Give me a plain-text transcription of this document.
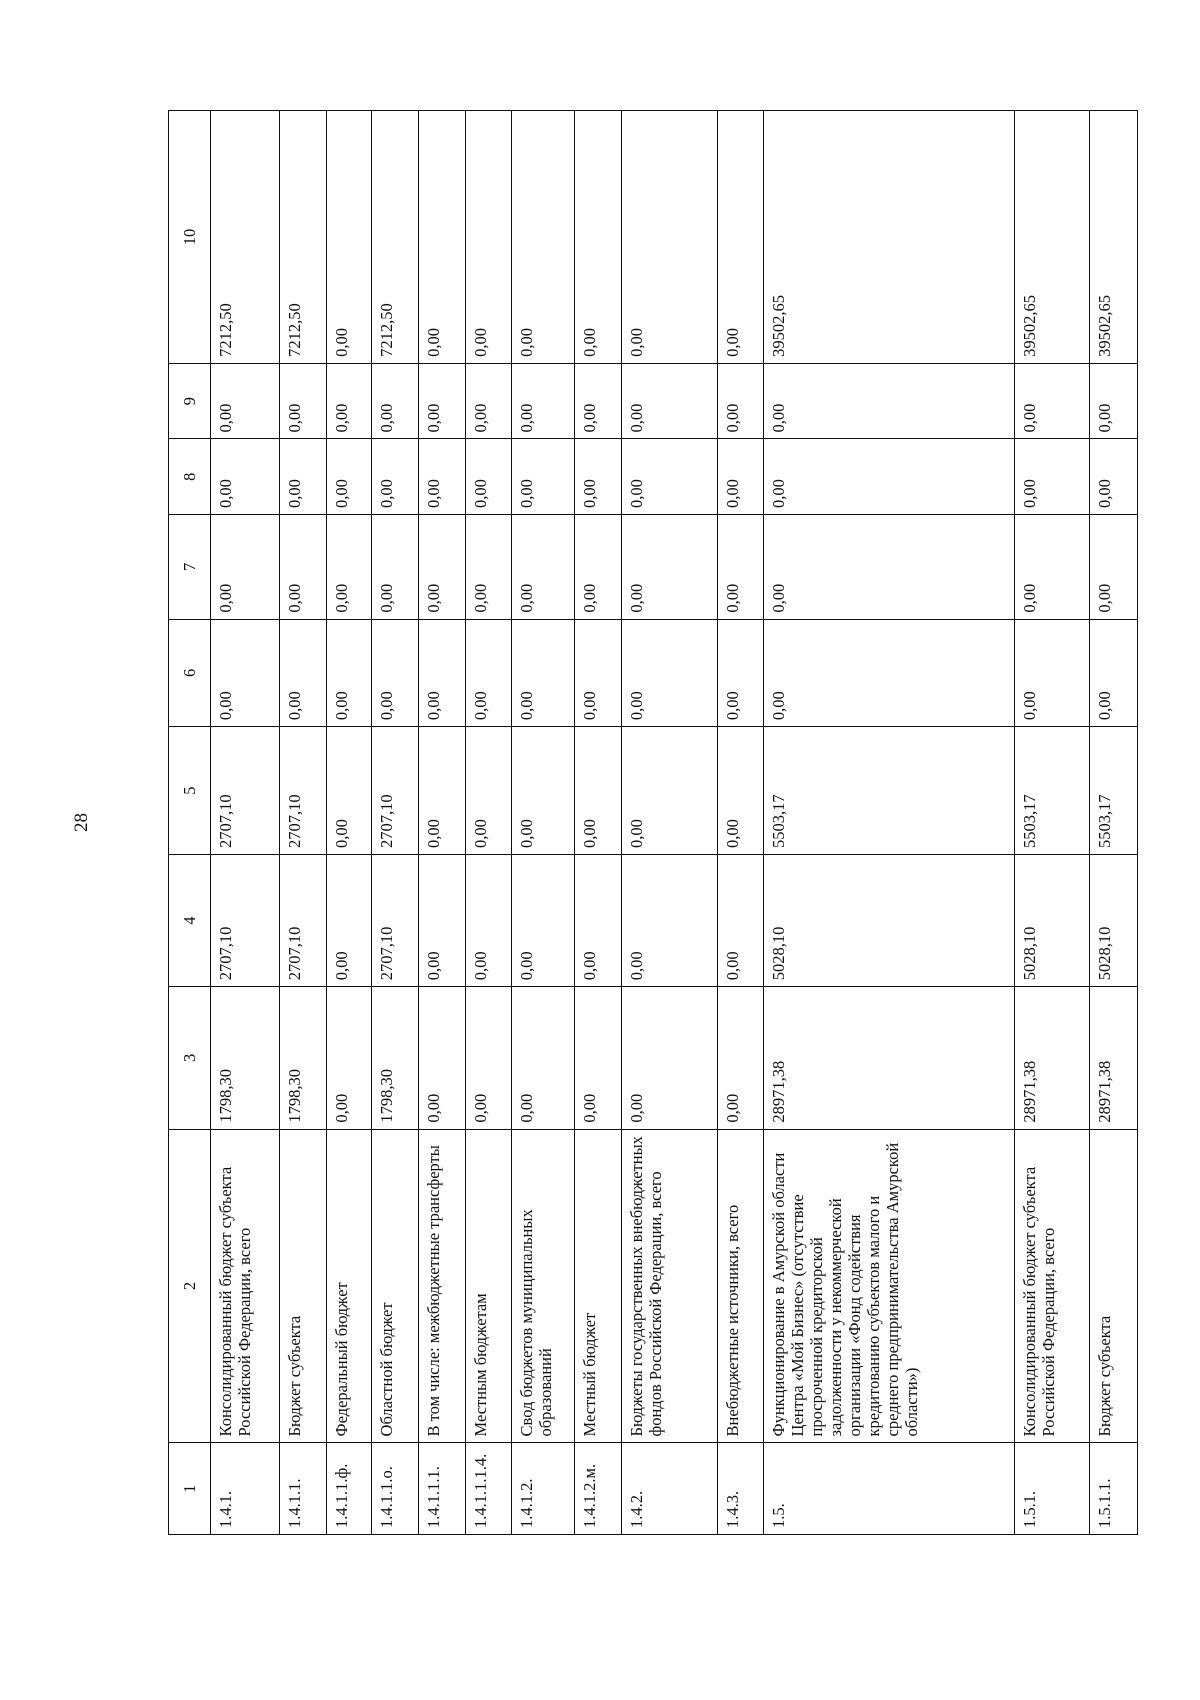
28
1	2	3	4	5	6	7	8	9	10
1.4.1.	Консолидированный бюджет субъекта Российской Федерации, всего	1798,30	2707,10	2707,10	0,00	0,00	0,00	0,00	7212,50
1.4.1.1.	Бюджет субъекта	1798,30	2707,10	2707,10	0,00	0,00	0,00	0,00	7212,50
1.4.1.1.ф.	Федеральный бюджет	0,00	0,00	0,00	0,00	0,00	0,00	0,00	0,00
1.4.1.1.о.	Областной бюджет	1798,30	2707,10	2707,10	0,00	0,00	0,00	0,00	7212,50
1.4.1.1.1.	В том числе: межбюджетные трансферты	0,00	0,00	0,00	0,00	0,00	0,00	0,00	0,00
1.4.1.1.1.4.	Местным бюджетам	0,00	0,00	0,00	0,00	0,00	0,00	0,00	0,00
1.4.1.2.	Свод бюджетов муниципальных образований	0,00	0,00	0,00	0,00	0,00	0,00	0,00	0,00
1.4.1.2.м.	Местный бюджет	0,00	0,00	0,00	0,00	0,00	0,00	0,00	0,00
1.4.2.	Бюджеты государственных внебюджетных фондов Российской Федерации, всего	0,00	0,00	0,00	0,00	0,00	0,00	0,00	0,00
1.4.3.	Внебюджетные источники, всего	0,00	0,00	0,00	0,00	0,00	0,00	0,00	0,00
1.5.	Функционирование в Амурской области Центра «Мой Бизнес» (отсутствие просроченной кредиторской задолженности у некоммерческой организации «Фонд содействия кредитованию субъектов малого и среднего предпринимательства Амурской области»)	28971,38	5028,10	5503,17	0,00	0,00	0,00	0,00	39502,65
1.5.1.	Консолидированный бюджет субъекта Российской Федерации, всего	28971,38	5028,10	5503,17	0,00	0,00	0,00	0,00	39502,65
1.5.1.1.	Бюджет субъекта	28971,38	5028,10	5503,17	0,00	0,00	0,00	0,00	39502,65
